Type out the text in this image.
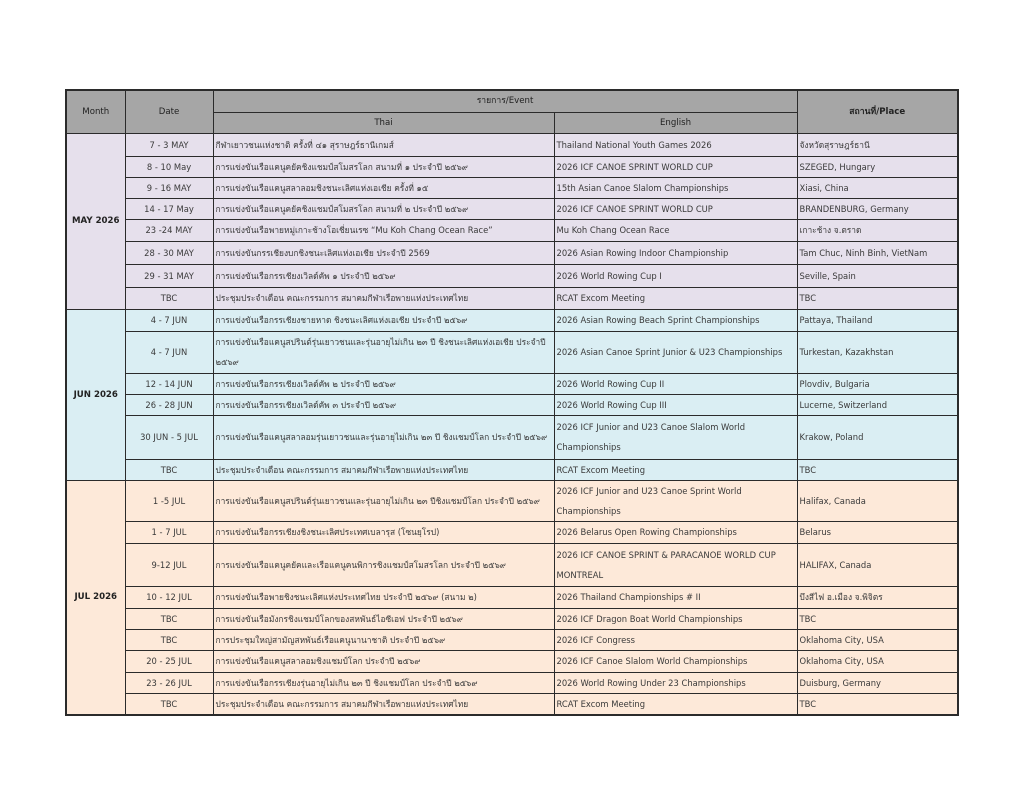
Month	Date	รายการ/Event		สถานที่/Place
		Thai	English	
MAY 2026	7 - 3 MAY	กีฬาเยาวชนแห่งชาติ ครั้งที่ ๔๑ สุราษฎร์ธานีเกมส์	Thailand National Youth Games 2026	จังหวัดสุราษฎร์ธานี
	8 - 10 May	การแข่งขันเรือแคนูคยัคชิงแชมป์สโมสรโลก สนามที่ ๑ ประจำปี ๒๕๖๙	2026 ICF CANOE SPRINT WORLD CUP	SZEGED, Hungary
	9 - 16 MAY	การแข่งขันเรือแคนูสลาลอมชิงชนะเลิศแห่งเอเชีย ครั้งที่ ๑๕	15th Asian Canoe Slalom Championships	Xiasi, China
	14 - 17 May	การแข่งขันเรือแคนูคยัคชิงแชมป์สโมสรโลก สนามที่ ๒ ประจำปี ๒๕๖๙	2026 ICF CANOE SPRINT WORLD CUP	BRANDENBURG, Germany
	23 -24 MAY	การแข่งขันเรือพายหมู่เกาะช้างโอเชี่ยนเรซ “Mu Koh Chang Ocean Race”	Mu Koh Chang Ocean Race	เกาะช้าง จ.ตราด
	28 - 30 MAY	การแข่งขันกรรเชียงบกชิงชนะเลิศแห่งเอเชีย ประจำปี 2569	2026 Asian Rowing Indoor Championship	Tam Chuc, Ninh Binh, VietNam
	29 - 31 MAY	การแข่งขันเรือกรรเชียงเวิลด์คัพ ๑ ประจำปี ๒๕๖๙	2026 World Rowing Cup I	Seville, Spain
	TBC	ประชุมประจำเดือน คณะกรรมการ สมาคมกีฬาเรือพายแห่งประเทศไทย	RCAT Excom Meeting	TBC
JUN 2026	4 - 7 JUN	การแข่งขันเรือกรรเชียงชายหาด ชิงชนะเลิศแห่งเอเชีย ประจำปี ๒๕๖๙	2026 Asian Rowing Beach Sprint Championships	Pattaya, Thailand
	4 - 7 JUN	การแข่งขันเรือแคนูสปรินต์รุ่นเยาวชนและรุ่นอายุไม่เกิน ๒๓ ปี ชิงชนะเลิศแห่งเอเชีย ประจำปี ๒๕๖๙	2026 Asian Canoe Sprint Junior & U23 Championships	Turkestan, Kazakhstan
	12 - 14 JUN	การแข่งขันเรือกรรเชียงเวิลด์คัพ ๒ ประจำปี ๒๕๖๙	2026 World Rowing Cup II	Plovdiv, Bulgaria
	26 - 28 JUN	การแข่งขันเรือกรรเชียงเวิลด์คัพ ๓ ประจำปี ๒๕๖๙	2026 World Rowing Cup III	Lucerne, Switzerland
	30 JUN - 5 JUL	การแข่งขันเรือแคนูสลาลอมรุ่นเยาวชนและรุ่นอายุไม่เกิน ๒๓ ปี ชิงแชมป์โลก ประจำปี ๒๕๖๙	2026 ICF Junior and U23 Canoe Slalom World Championships	Krakow, Poland
	TBC	ประชุมประจำเดือน คณะกรรมการ สมาคมกีฬาเรือพายแห่งประเทศไทย	RCAT Excom Meeting	TBC
JUL 2026	1 -5 JUL	การแข่งขันเรือแคนูสปรินต์รุ่นเยาวชนและรุ่นอายุไม่เกิน ๒๓ ปีชิงแชมป์โลก ประจำปี ๒๕๖๙	2026 ICF Junior and U23 Canoe Sprint World Championships	Halifax, Canada
	1 - 7 JUL	การแข่งขันเรือกรรเชียงชิงชนะเลิศประเทศเบลารุส (โซนยุโรป)	2026 Belarus Open Rowing Championships	Belarus
	9-12 JUL	การแข่งขันเรือแคนูคยัคและเรือแคนูคนพิการชิงแชมป์สโมสรโลก ประจำปี ๒๕๖๙	2026 ICF CANOE SPRINT & PARACANOE WORLD CUP MONTREAL	HALIFAX, Canada
	10 - 12 JUL	การแข่งขันเรือพายชิงชนะเลิศแห่งประเทศไทย ประจำปี ๒๕๖๙ (สนาม ๒)	2026 Thailand Championships # II	บึงสีไฟ อ.เมือง จ.พิจิตร
	TBC	การแข่งขันเรือมังกรชิงแชมป์โลกของสหพันธ์ไอซีเอฟ ประจำปี ๒๕๖๙	2026 ICF Dragon Boat World Championships	TBC
	TBC	การประชุมใหญ่สามัญสหพันธ์เรือแคนูนานาชาติ ประจำปี ๒๕๖๙	2026 ICF Congress	Oklahoma City, USA
	20 - 25 JUL	การแข่งขันเรือแคนูสลาลอมชิงแชมป์โลก ประจำปี ๒๕๖๙	2026 ICF Canoe Slalom World Championships	Oklahoma City, USA
	23 - 26 JUL	การแข่งขันเรือกรรเชียงรุ่นอายุไม่เกิน ๒๓ ปี ชิงแชมป์โลก ประจำปี ๒๕๖๙	2026 World Rowing Under 23 Championships	Duisburg, Germany
	TBC	ประชุมประจำเดือน คณะกรรมการ สมาคมกีฬาเรือพายแห่งประเทศไทย	RCAT Excom Meeting	TBC
